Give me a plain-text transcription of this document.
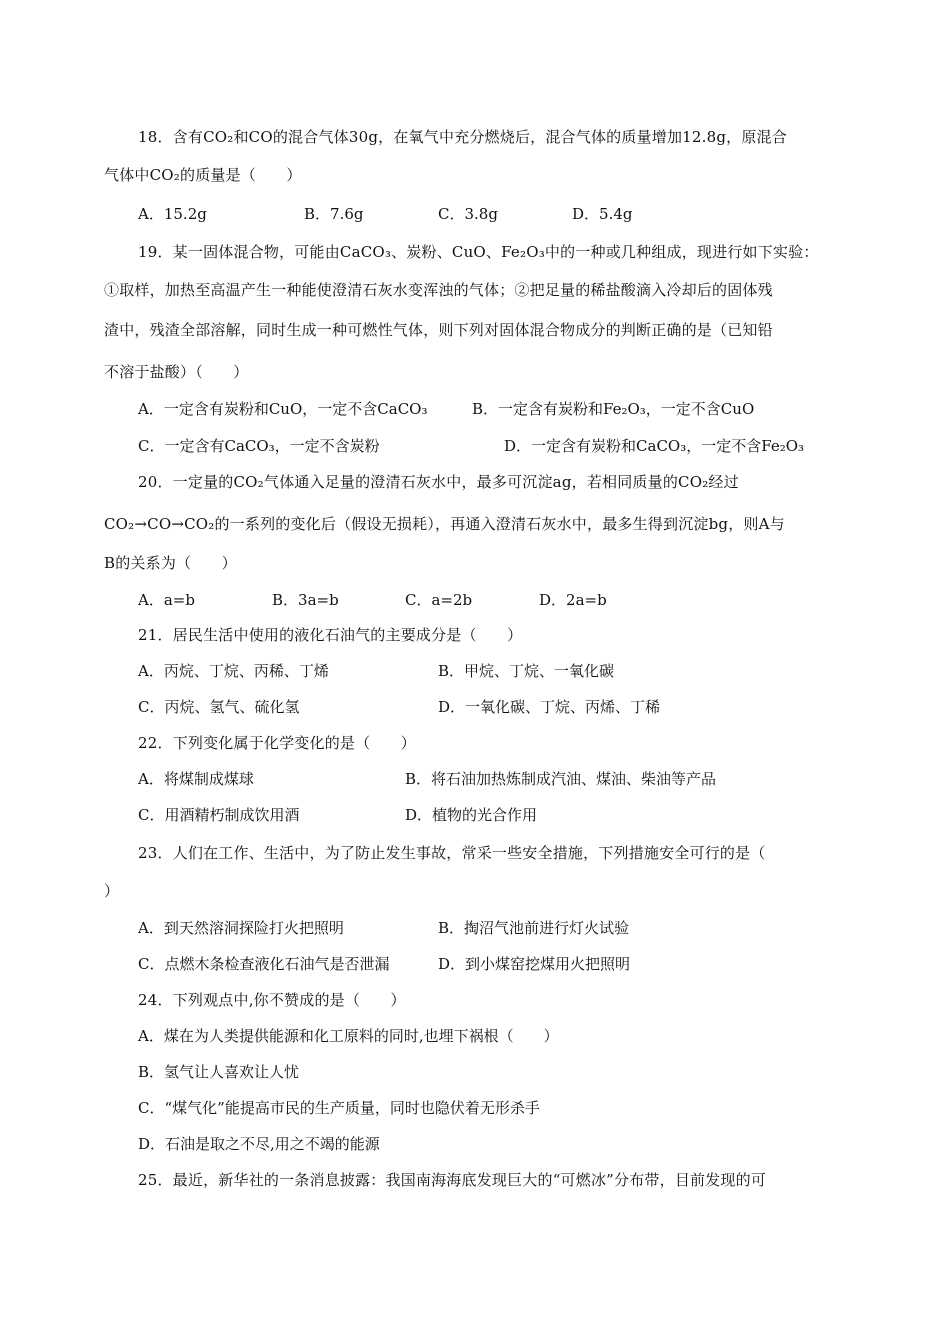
18．含有CO₂和CO的混合气体30g，在氧气中充分燃烧后，混合气体的质量增加12.8g，原混合
气体中CO₂的质量是（　　）
A．15.2g	B．7.6g	C．3.8g	D．5.4g
19．某一固体混合物，可能由CaCO₃、炭粉、CuO、Fe₂O₃中的一种或几种组成，现进行如下实验：
①取样，加热至高温产生一种能使澄清石灰水变浑浊的气体；②把足量的稀盐酸滴入冷却后的固体残
渣中，残渣全部溶解，同时生成一种可燃性气体，则下列对固体混合物成分的判断正确的是（已知铅
不溶于盐酸）（　　）
A．一定含有炭粉和CuO，一定不含CaCO₃	B．一定含有炭粉和Fe₂O₃，一定不含CuO
C．一定含有CaCO₃，一定不含炭粉	D．一定含有炭粉和CaCO₃，一定不含Fe₂O₃
20．一定量的CO₂气体通入足量的澄清石灰水中，最多可沉淀ag，若相同质量的CO₂经过
CO₂→CO→CO₂的一系列的变化后（假设无损耗），再通入澄清石灰水中，最多生得到沉淀bg，则A与
B的关系为（　　）
A．a=b	B．3a=b	C．a=2b	D．2a=b
21．居民生活中使用的液化石油气的主要成分是（　　）
A．丙烷、丁烷、丙稀、丁烯	B．甲烷、丁烷、一氧化碳
C．丙烷、氢气、硫化氢	D．一氧化碳、丁烷、丙烯、丁稀
22．下列变化属于化学变化的是（　　）
A．将煤制成煤球	B．将石油加热炼制成汽油、煤油、柴油等产品
C．用酒精朽制成饮用酒	D．植物的光合作用
23．人们在工作、生活中，为了防止发生事故，常采一些安全措施，下列措施安全可行的是（
）
A．到天然溶洞探险打火把照明	B．掏沼气池前进行灯火试验
C．点燃木条检查液化石油气是否泄漏	D．到小煤窑挖煤用火把照明
24．下列观点中,你不赞成的是（　　）
A．煤在为人类提供能源和化工原料的同时,也埋下祸根（　　）
B．氢气让人喜欢让人忧
C．“煤气化”能提高市民的生产质量，同时也隐伏着无形杀手
D．石油是取之不尽,用之不竭的能源
25．最近，新华社的一条消息披露：我国南海海底发现巨大的“可燃冰”分布带，目前发现的可
